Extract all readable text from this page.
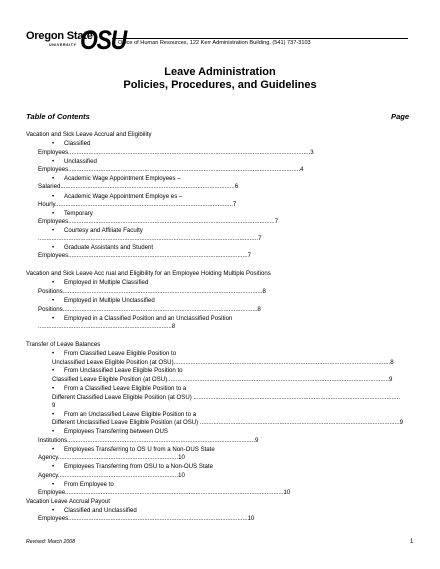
Oregon State
UNIVERSITY OSU
Office of Human Resources, 122 Kerr Administration Building, (541) 737-3103
Leave Administration
Policies, Procedures, and Guidelines
Table of Contents	Page
Vacation and Sick Leave Accrual and Eligibility
• Classified
Employees...............................................................................................................................................3
• Unclassified
Employees.........................................................................................................................................4
• Academic Wage Appointment Employees –
Salaried.......................................................................................................6
• Academic Wage Appointment Employe es –
Hourly.........................................................................................................7
• Temporary
Employees..........................................................................................................................7
• Courtesy and Affiliate Faculty
..................................................................................................................................7
• Graduate Assistants and Student
Employees..........................................................................................................7
Vacation and Sick Leave Acc rual and Eligibility for an Employee Holding Multiple Positions
• Employed in Multiple Classified
Positions......................................................................................................................8
• Employed in Multiple Unclassified
Positions...................................................................................................................8
• Employed in a Classified Position and an Unclassified Position
...............................................................................8
Transfer of Leave Balances
• From Classified Leave Eligible Position to
Unclassified Leave Eligible Position (at OSU)................................................................................................................................8
• From Unclassified Leave Eligible Position to
Classified Leave Eligible Position (at OSU)...................................................................................................................................9
• From a Classified Leave Eligible Position to a
Different Classified Leave Eligible Position (at OSU) ..........................................................................................................................
9
• From an Unclassified Leave Eligible Position to a
Different Unclassified Leave Eligible Position (at OSU) ......................................................................................................................9
• Employees Transferring between OUS
Institutions...............................................................................................................9
• Employees Transferring to OS U from a Non-OUS State
Agency.......................................................................10
• Employees Transferring from OSU to a Non-OUS State
Agency.......................................................................10
• From Employee to
Employee.................................................................................................................................10
Vacation Leave Accrual Payout
• Classified and Unclassified
Employees..........................................................................................................10
Revised: March 2008	1
